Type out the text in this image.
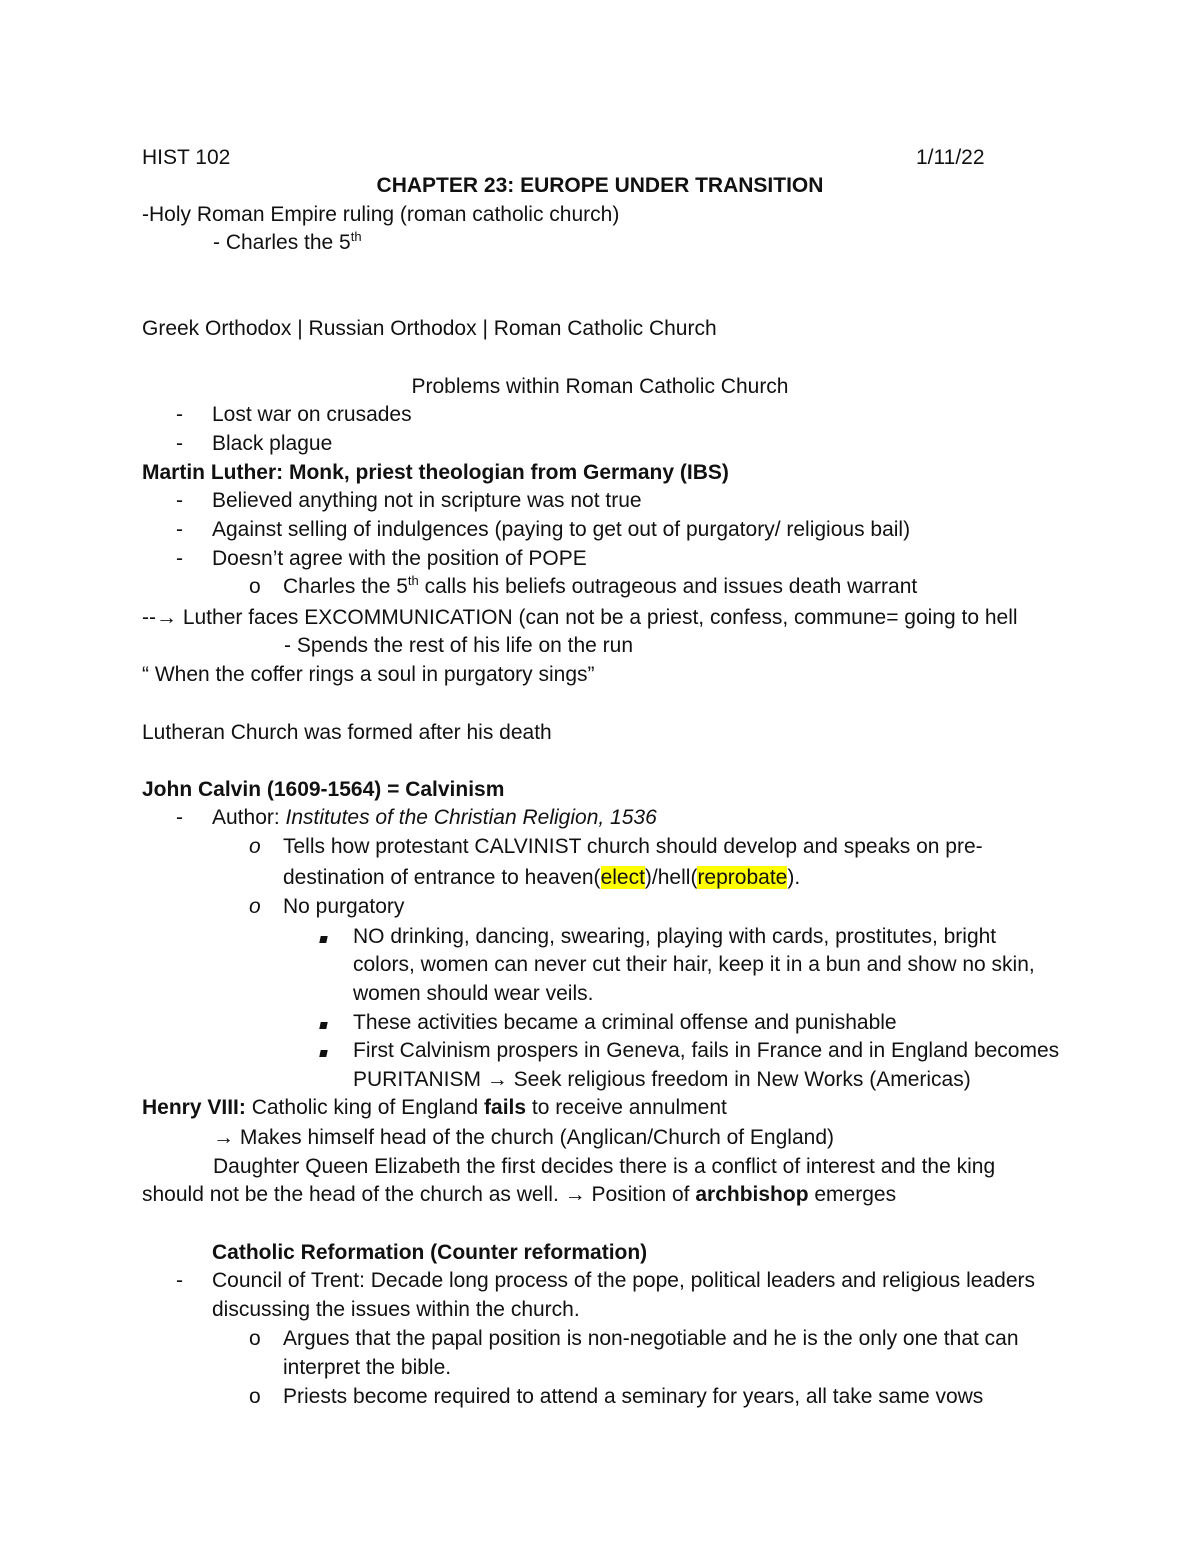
HIST 102	1/11/22
CHAPTER 23: EUROPE UNDER TRANSITION
-Holy Roman Empire ruling (roman catholic church)
- Charles the 5th
Greek Orthodox | Russian Orthodox | Roman Catholic Church
Problems within Roman Catholic Church
- Lost war on crusades
- Black plague
Martin Luther: Monk, priest theologian from Germany (IBS)
- Believed anything not in scripture was not true
- Against selling of indulgences (paying to get out of purgatory/ religious bail)
- Doesn’t agree with the position of POPE
o Charles the 5th calls his beliefs outrageous and issues death warrant
--→ Luther faces EXCOMMUNICATION (can not be a priest, confess, commune= going to hell
- Spends the rest of his life on the run
“ When the coffer rings a soul in purgatory sings”
Lutheran Church was formed after his death
John Calvin (1609-1564) = Calvinism
- Author: Institutes of the Christian Religion, 1536
o Tells how protestant CALVINIST church should develop and speaks on pre-
destination of entrance to heaven(elect)/hell(reprobate).
o No purgatory
NO drinking, dancing, swearing, playing with cards, prostitutes, bright
colors, women can never cut their hair, keep it in a bun and show no skin,
women should wear veils.
These activities became a criminal offense and punishable
First Calvinism prospers in Geneva, fails in France and in England becomes
PURITANISM → Seek religious freedom in New Works (Americas)
Henry VIII: Catholic king of England fails to receive annulment
→ Makes himself head of the church (Anglican/Church of England)
Daughter Queen Elizabeth the first decides there is a conflict of interest and the king
should not be the head of the church as well. → Position of archbishop emerges
Catholic Reformation (Counter reformation)
- Council of Trent: Decade long process of the pope, political leaders and religious leaders
discussing the issues within the church.
o Argues that the papal position is non-negotiable and he is the only one that can
interpret the bible.
o Priests become required to attend a seminary for years, all take same vows
